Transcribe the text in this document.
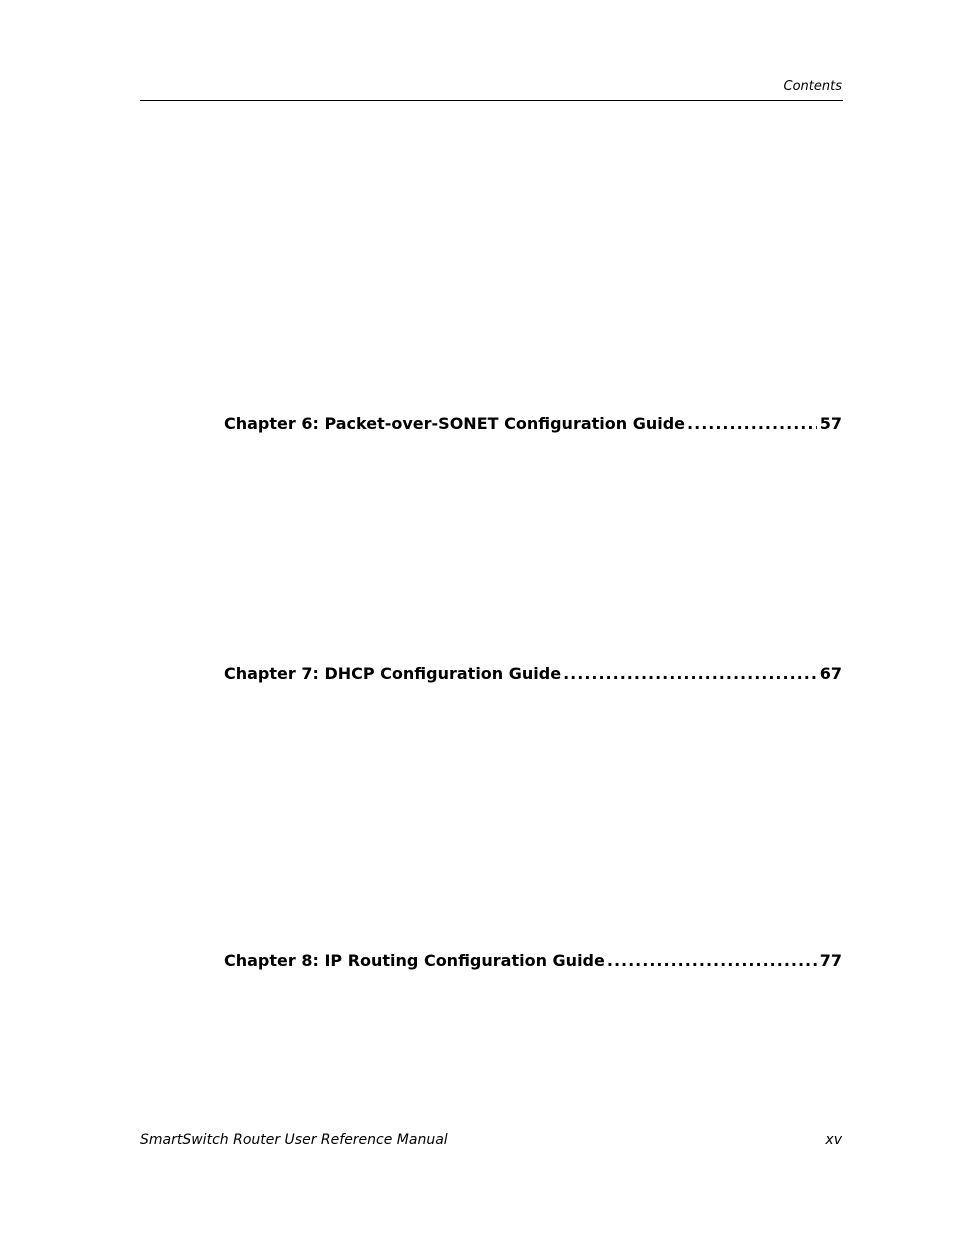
Contents
Chapter 6: Packet-over-SONET Configuration Guide .....	57
Chapter 7: DHCP Configuration Guide .....	67
Chapter 8: IP Routing Configuration Guide .....	77
SmartSwitch Router User Reference Manual	xv
